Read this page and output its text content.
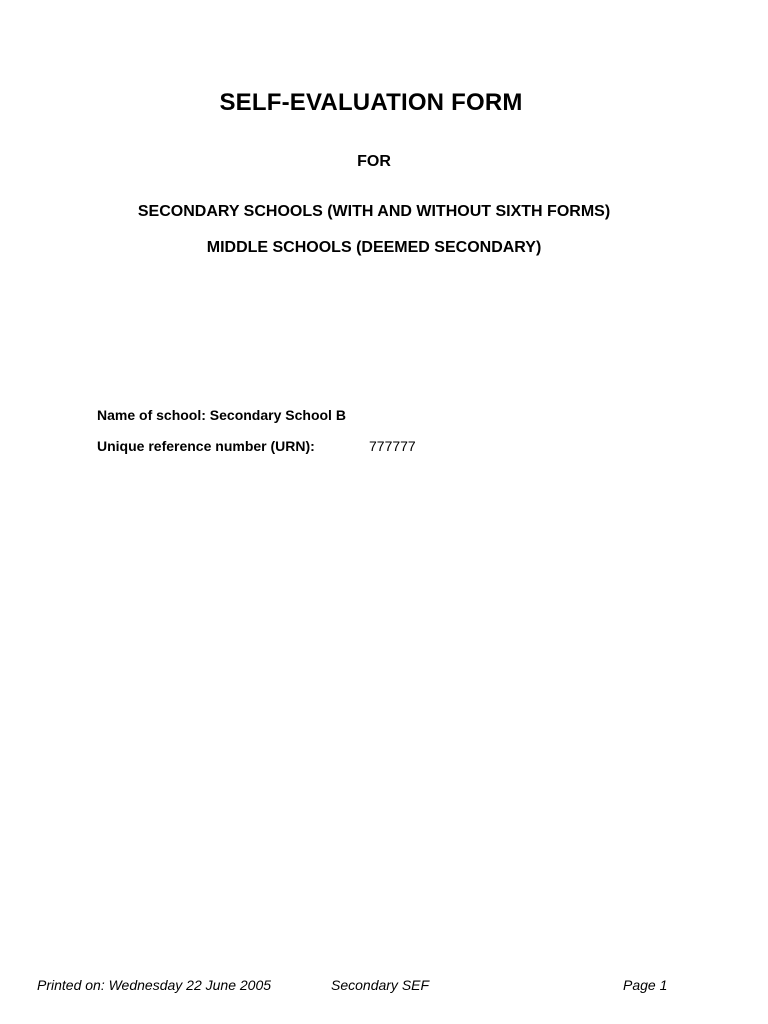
SELF-EVALUATION FORM
FOR
SECONDARY SCHOOLS (WITH AND WITHOUT SIXTH FORMS)
MIDDLE SCHOOLS (DEEMED SECONDARY)
Name of school: Secondary School B
Unique reference number (URN):	777777
Printed on: Wednesday 22 June 2005	Secondary SEF	Page 1
